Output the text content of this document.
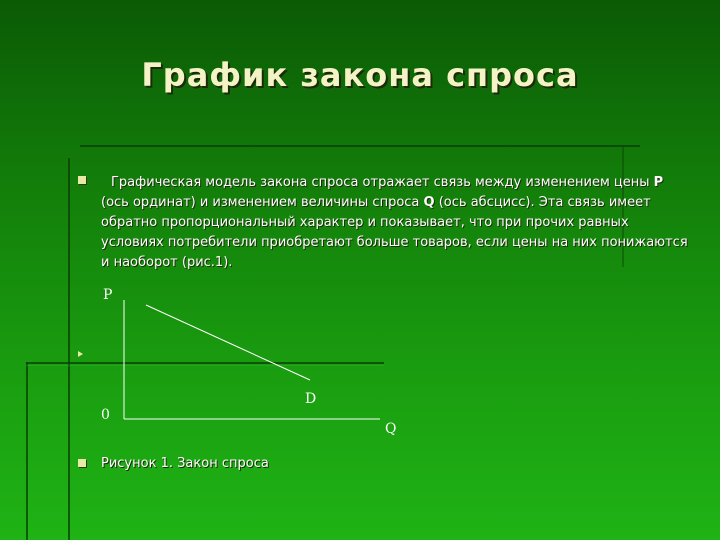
График закона спроса
Графическая модель закона спроса отражает связь между изменением цены P (ось ординат) и изменением величины спроса Q (ось абсцисс). Эта связь имеет обратно пропорциональный характер и показывает, что при прочих равных условиях потребители приобретают больше товаров, если цены на них понижаются и наоборот (рис.1).
P
Q
0
D
Рисунок 1. Закон спроса
